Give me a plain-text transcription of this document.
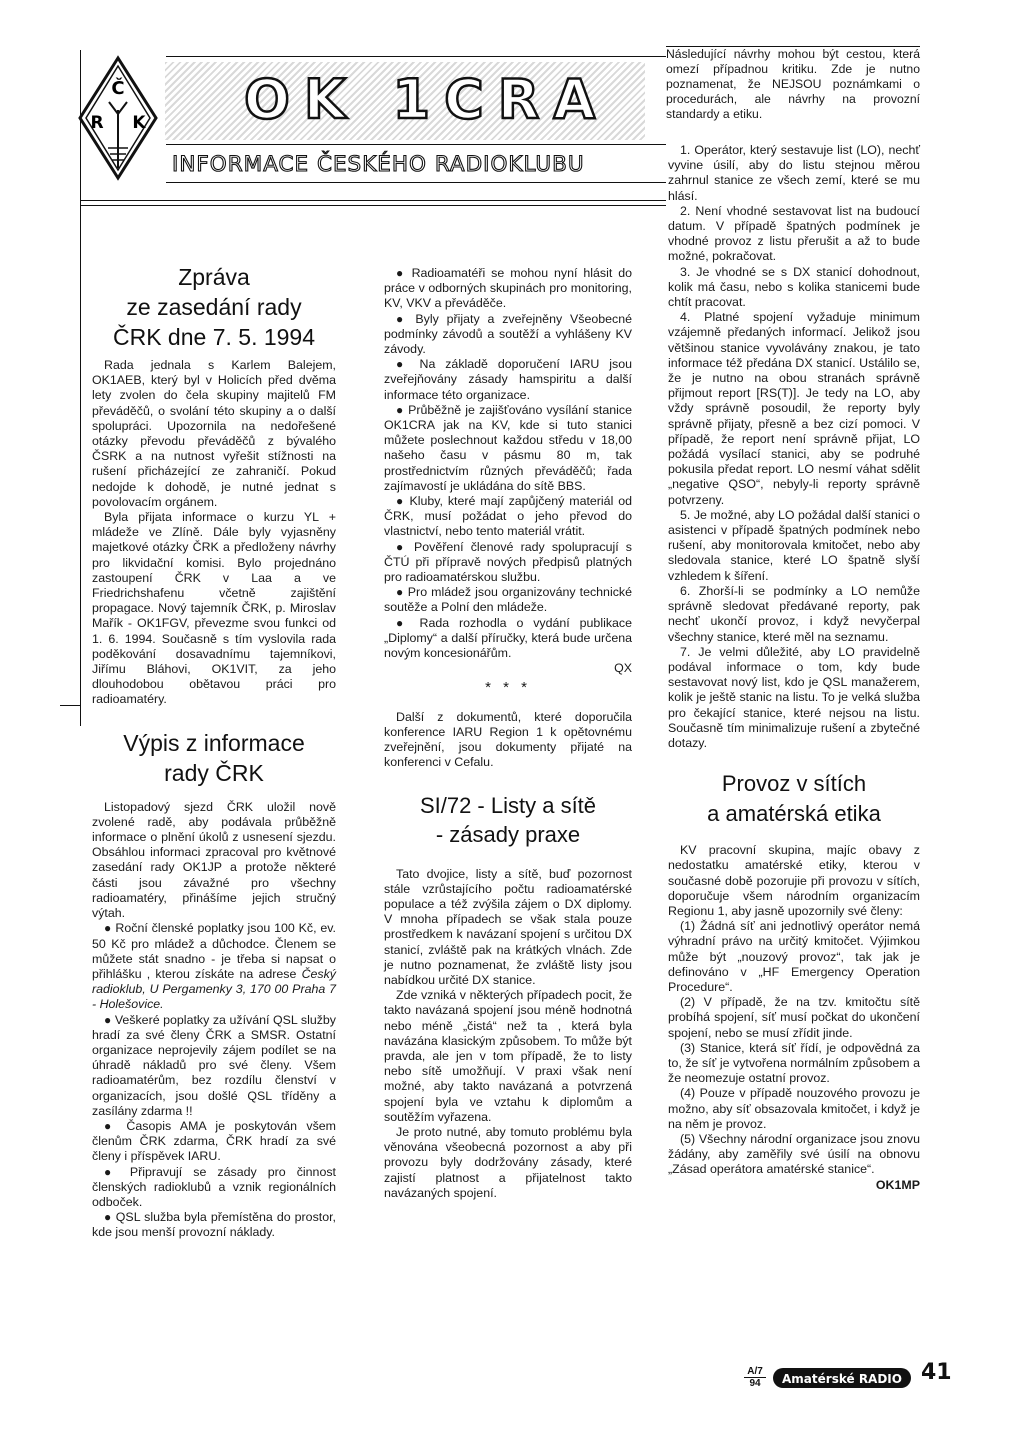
Č
R K OK 1CRA
INFORMACE ČESKÉHO RADIOKLUBU
Zpráva
ze zasedání rady
ČRK dne 7. 5. 1994

Rada jednala s Karlem Balejem, OK1AEB, který byl v Holicích před dvěma lety zvolen do čela skupiny majitelů FM převáděčů, o svolání této skupiny a o další spolupráci. Upozornila na nedořešené otázky převodu převáděčů z bývalého ČSRK a na nutnost vyřešit stížnosti na rušení přicházející ze zahraničí. Pokud nedojde k dohodě, je nutné jednat s povolovacím orgánem.

Byla přijata informace o kurzu YL + mládeže ve Zlíně. Dále byly vyjasněny majetkové otázky ČRK a předloženy návrhy pro likvidační komisi. Bylo projednáno zastoupení ČRK v Laa a ve Friedrichshafenu včetně zajištění propagace. Nový tajemník ČRK, p. Miroslav Mařík - OK1FGV, převezme svou funkci od 1. 6. 1994. Současně s tím vyslovila rada poděkování dosavadnímu tajemníkovi, Jiřímu Bláhovi, OK1VIT, za jeho dlouhodobou obětavou práci pro radioamatéry.

Výpis z informace
rady ČRK

Listopadový sjezd ČRK uložil nově zvolené radě, aby podávala průběžně informace o plnění úkolů z usnesení sjezdu. Obsáhlou informaci zpracoval pro květnové zasedání rady OK1JP a protože některé části jsou závažné pro všechny radioamatéry, přinášíme jejich stručný výtah.

● Roční členské poplatky jsou 100 Kč, ev. 50 Kč pro mládež a důchodce. Členem se můžete stát snadno - je třeba si napsat o přihlášku , kterou získáte na adrese Český radioklub, U Pergamenky 3, 170 00 Praha 7 - Holešovice.

● Veškeré poplatky za užívání QSL služby hradí za své členy ČRK a SMSR. Ostatní organizace neprojevily zájem podílet se na úhradě nákladů pro své členy. Všem radioamatérům, bez rozdílu členství v organizacích, jsou došlé QSL tříděny a zasílány zdarma !!

● Časopis AMA je poskytován všem členům ČRK zdarma, ČRK hradí za své členy i příspěvek IARU.

● Připravují se zásady pro činnost členských radioklubů a vznik regionálních odboček.

● QSL služba byla přemístěna do prostor, kde jsou menší provozní náklady.

● Radioamatéři se mohou nyní hlásit do práce v odborných skupinách pro monitoring, KV, VKV a převáděče.

● Byly přijaty a zveřejněny Všeobecné podmínky závodů a soutěží a vyhlášeny KV závody.

● Na základě doporučení IARU jsou zveřejňovány zásady hamspiritu a další informace této organizace.

● Průběžně je zajišťováno vysílání stanice OK1CRA jak na KV, kde si tuto stanici můžete poslechnout každou středu v 18,00 našeho času v pásmu 80 m, tak prostřednictvím různých převáděčů; řada zajímavostí je ukládána do sítě BBS.

● Kluby, které mají zapůjčený materiál od ČRK, musí požádat o jeho převod do vlastnictví, nebo tento materiál vrátit.

● Pověření členové rady spolupracují s ČTÚ při přípravě nových předpisů platných pro radioamatérskou službu.

● Pro mládež jsou organizovány technické soutěže a Polní den mládeže.

● Rada rozhodla o vydání publikace „Diplomy“ a další příručky, která bude určena novým koncesionářům.

QX

* * *

Další z dokumentů, které doporučila konference IARU Region 1 k opětovnému zveřejnění, jsou dokumenty přijaté na konferenci v Cefalu.

SI/72 - Listy a sítě
- zásady praxe

Tato dvojice, listy a sítě, buď pozornost stále vzrůstajícího počtu radioamatérské populace a též zvýšila zájem o DX diplomy. V mnoha případech se však stala pouze prostředkem k navázaní spojení s určitou DX stanicí, zvláště pak na krátkých vlnách. Zde je nutno poznamenat, že zvláště listy jsou nabídkou určité DX stanice.

Zde vzniká v některých případech pocit, že takto navázaná spojení jsou méně hodnotná nebo méně „čistá“ než ta , která byla navázána klasickým způsobem. To může být pravda, ale jen v tom případě, že to listy nebo sítě umožňují. V praxi však není možné, aby takto navázaná a potvrzená spojení byla ve vztahu k diplomům a soutěžím vyřazena.

Je proto nutné, aby tomuto problému byla věnována všeobecná pozornost a aby při provozu byly dodržovány zásady, které zajistí platnost a přijatelnost takto navázaných spojení.

Následující návrhy mohou být cestou, která omezí případnou kritiku. Zde je nutno poznamenat, že NEJSOU poznámkami o procedurách, ale návrhy na provozní standardy a etiku.

1. Operátor, který sestavuje list (LO), nechť vyvine úsilí, aby do listu stejnou měrou zahrnul stanice ze všech zemí, které se mu hlásí.

2. Není vhodné sestavovat list na budoucí datum. V případě špatných podmínek je vhodné provoz z listu přerušit a až to bude možné, pokračovat.

3. Je vhodné se s DX stanicí dohodnout, kolik má času, nebo s kolika stanicemi bude chtít pracovat.

4. Platné spojení vyžaduje minimum vzájemně předaných informací. Jelikož jsou většinou stanice vyvolávány znakou, je tato informace též předána DX stanicí. Ustálilo se, že je nutno na obou stranách správně přijmout report [RS(T)]. Je tedy na LO, aby vždy správně posoudil, že reporty byly správně přijaty, přesně a bez cizí pomoci. V případě, že report není správně přijat, LO požádá vysílací stanici, aby se podruhé pokusila předat report. LO nesmí váhat sdělit „negative QSO“, nebyly-li reporty správně potvrzeny.

5. Je možné, aby LO požádal další stanici o asistenci v případě špatných podmínek nebo rušení, aby monitorovala kmitočet, nebo aby sledovala stanice, které LO špatně slyší vzhledem k šíření.

6. Zhorší-li se podmínky a LO nemůže správně sledovat předávané reporty, pak nechť ukončí provoz, i když nevyčerpal všechny stanice, které měl na seznamu.

7. Je velmi důležité, aby LO pravidelně podával informace o tom, kdy bude sestavovat nový list, kdo je QSL manažerem, kolik je ještě stanic na listu. To je velká služba pro čekající stanice, které nejsou na listu. Současně tím minimalizuje rušení a zbytečné dotazy.

Provoz v sítích
a amatérská etika

KV pracovní skupina, majíc obavy z nedostatku amatérské etiky, kterou v současné době pozorujie při provozu v sítích, doporučuje všem národním organizacím Regionu 1, aby jasně upozornily své členy:

(1) Žádná síť ani jednotlivý operátor nemá výhradní právo na určitý kmitočet. Výjimkou může být „nouzový provoz“, tak jak je definováno v „HF Emergency Operation Procedure“.

(2) V případě, že na tzv. kmitočtu sítě probíhá spojení, síť musí počkat do ukončení spojení, nebo se musí zřídit jinde.

(3) Stanice, která síť řídí, je odpovědná za to, že síť je vytvořena normálním způsobem a že neomezuje ostatní provoz.

(4) Pouze v případě nouzového provozu je možno, aby síť obsazovala kmitočet, i když je na něm je provoz.

(5) Všechny národní organizace jsou znovu žádány, aby zaměřily své úsilí na obnovu „Zásad operátora amatérské stanice“.

OK1MP

A/7
94	Amatérské RADIO 41
